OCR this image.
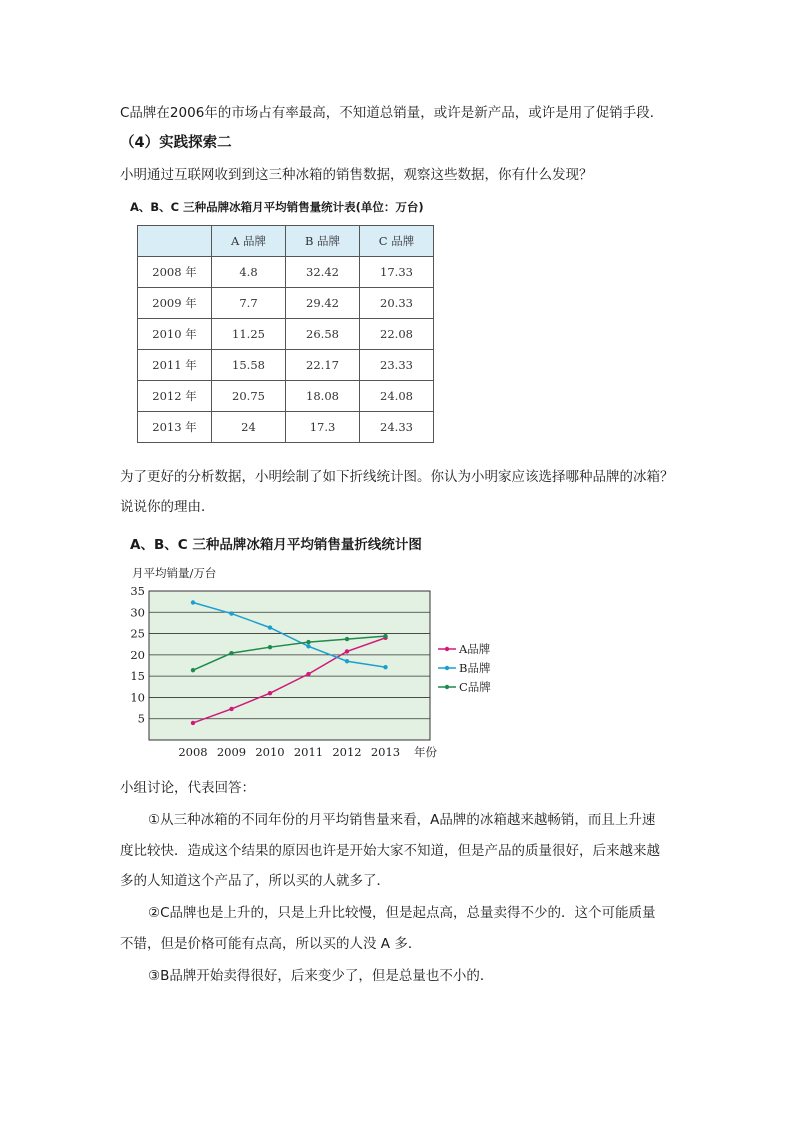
C品牌在2006年的市场占有率最高，不知道总销量，或许是新产品，或许是用了促销手段．
（4）实践探索二
小明通过互联网收到到这三种冰箱的销售数据，观察这些数据，你有什么发现？
A、B、C 三种品牌冰箱月平均销售量统计表(单位：万台)
	A 品牌	B 品牌	C 品牌
2008 年	4.8	32.42	17.33
2009 年	7.7	29.42	20.33
2010 年	11.25	26.58	22.08
2011 年	15.58	22.17	23.33
2012 年	20.75	18.08	24.08
2013 年	24	17.3	24.33
为了更好的分析数据，小明绘制了如下折线统计图。你认为小明家应该选择哪种品牌的冰箱？
说说你的理由．
A、B、C 三种品牌冰箱月平均销售量折线统计图
月平均销量/万台
35
30
25
20
15
10
5
2008 2009 2010 2011 2012 2013
A品牌
B品牌
C品牌
年份
小组讨论，代表回答：
①从三种冰箱的不同年份的月平均销售量来看，A品牌的冰箱越来越畅销，而且上升速
度比较快．造成这个结果的原因也许是开始大家不知道，但是产品的质量很好，后来越来越
多的人知道这个产品了，所以买的人就多了．
②C品牌也是上升的，只是上升比较慢，但是起点高，总量卖得不少的．这个可能质量
不错，但是价格可能有点高，所以买的人没 A 多．
③B品牌开始卖得很好，后来变少了，但是总量也不小的．
